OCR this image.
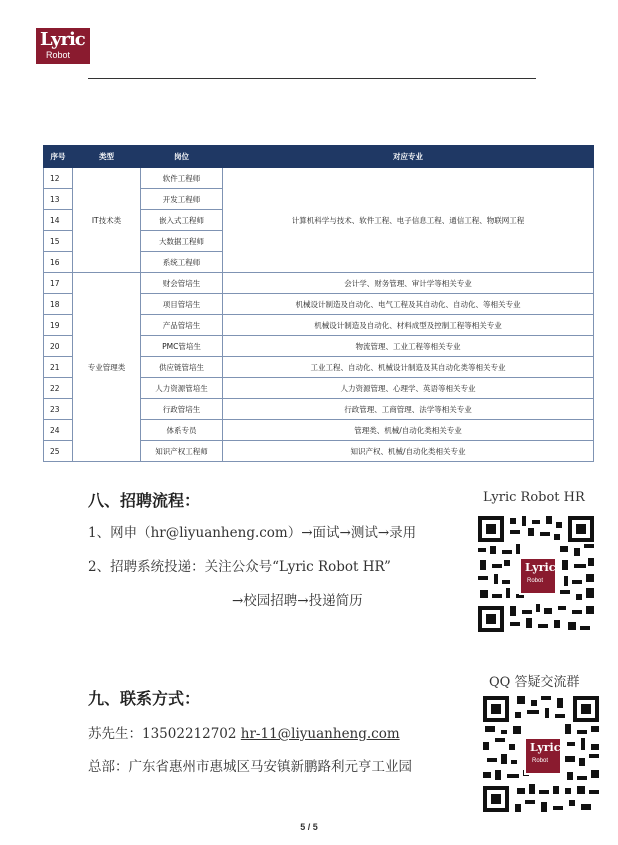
Lyric
Robot
序号	类型	岗位	对应专业
12	IT技术类	软件工程师	计算机科学与技术、软件工程、电子信息工程、通信工程、物联网工程
13		开发工程师	
14		嵌入式工程师	
15		大数据工程师	
16		系统工程师	
17	专业管理类	财会管培生	会计学、财务管理、审计学等相关专业
18		项目管培生	机械设计制造及自动化、电气工程及其自动化、自动化、等相关专业
19		产品管培生	机械设计制造及自动化、材料成型及控制工程等相关专业
20		PMC管培生	物流管理、工业工程等相关专业
21		供应链管培生	工业工程、自动化、机械设计制造及其自动化类等相关专业
22		人力资源管培生	人力资源管理、心理学、英语等相关专业
23		行政管培生	行政管理、工商管理、法学等相关专业
24		体系专员	管理类、机械/自动化类相关专业
25		知识产权工程师	知识产权、机械/自动化类相关专业
八、招聘流程：
1、网申（hr@liyuanheng.com）→面试→测试→录用
2、招聘系统投递：关注公众号“Lyric Robot HR”
→校园招聘→投递简历
Lyric Robot HR
Lyric
Robot
九、联系方式：
苏先生：13502212702 hr-11@liyuanheng.com
总部：广东省惠州市惠城区马安镇新鹏路利元亨工业园
QQ 答疑交流群
Lyric
Robot
5 / 5
